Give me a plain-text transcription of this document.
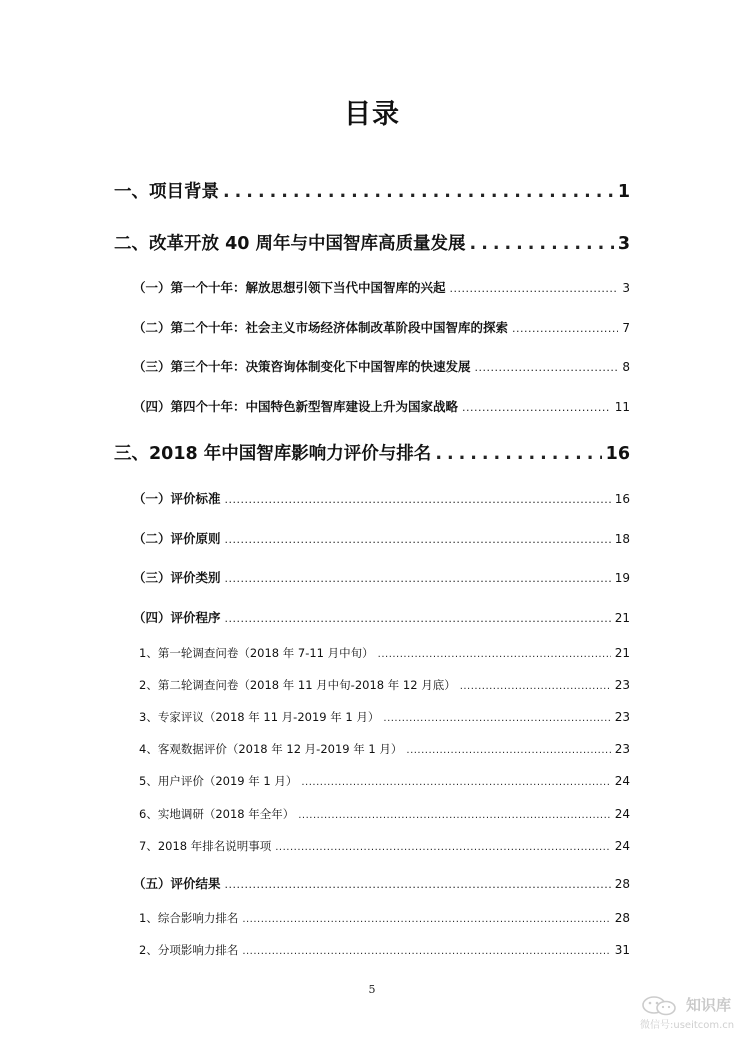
目录
一、项目背景 .....	1
二、改革开放 40 周年与中国智库高质量发展 .....	3
（一）第一个十年：解放思想引领下当代中国智库的兴起 .....	3
（二）第二个十年：社会主义市场经济体制改革阶段中国智库的探索 .....	7
（三）第三个十年：决策咨询体制变化下中国智库的快速发展 .....	8
（四）第四个十年：中国特色新型智库建设上升为国家战略 .....	11
三、2018 年中国智库影响力评价与排名 .....	16
（一）评价标准 .....	16
（二）评价原则 .....	18
（三）评价类别 .....	19
（四）评价程序 .....	21
1、第一轮调查问卷（2018 年 7-11 月中旬） .....	21
2、第二轮调查问卷（2018 年 11 月中旬-2018 年 12 月底） .....	23
3、专家评议（2018 年 11 月-2019 年 1 月） .....	23
4、客观数据评价（2018 年 12 月-2019 年 1 月） .....	23
5、用户评价（2019 年 1 月） .....	24
6、实地调研（2018 年全年） .....	24
7、2018 年排名说明事项 .....	24
（五）评价结果 .....	28
1、综合影响力排名 .....	28
2、分项影响力排名 .....	31
5
知识库
微信号:useitcom.cn
